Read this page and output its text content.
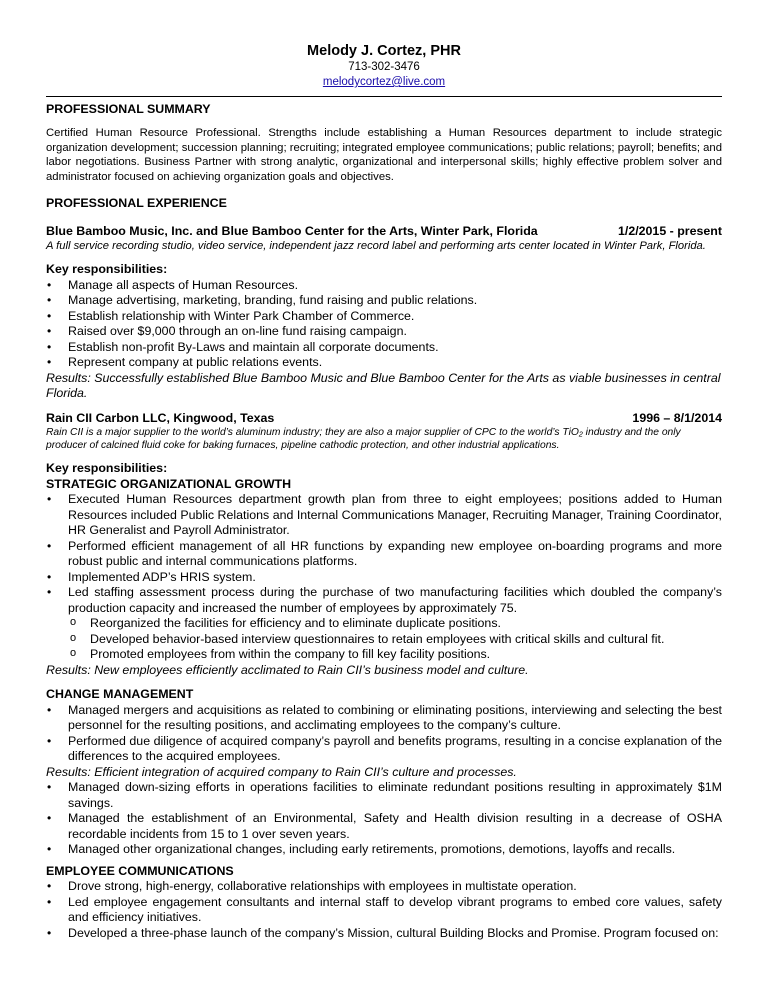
Melody J. Cortez, PHR
713-302-3476
melodycortez@live.com
PROFESSIONAL SUMMARY
Certified Human Resource Professional. Strengths include establishing a Human Resources department to include strategic organization development; succession planning; recruiting; integrated employee communications; public relations; payroll; benefits; and labor negotiations. Business Partner with strong analytic, organizational and interpersonal skills; highly effective problem solver and administrator focused on achieving organization goals and objectives.
PROFESSIONAL EXPERIENCE
Blue Bamboo Music, Inc. and Blue Bamboo Center for the Arts, Winter Park, Florida	1/2/2015 - present
A full service recording studio, video service, independent jazz record label and performing arts center located in Winter Park, Florida.
Key responsibilities:
• Manage all aspects of Human Resources.
• Manage advertising, marketing, branding, fund raising and public relations.
• Establish relationship with Winter Park Chamber of Commerce.
• Raised over $9,000 through an on-line fund raising campaign.
• Establish non-profit By-Laws and maintain all corporate documents.
• Represent company at public relations events.
Results: Successfully established Blue Bamboo Music and Blue Bamboo Center for the Arts as viable businesses in central Florida.
Rain CII Carbon LLC, Kingwood, Texas	1996 – 8/1/2014
Rain CII is a major supplier to the world’s aluminum industry; they are also a major supplier of CPC to the world’s TiO₂ industry and the only producer of calcined fluid coke for baking furnaces, pipeline cathodic protection, and other industrial applications.
Key responsibilities:
STRATEGIC ORGANIZATIONAL GROWTH
• Executed Human Resources department growth plan from three to eight employees; positions added to Human Resources included Public Relations and Internal Communications Manager, Recruiting Manager, Training Coordinator, HR Generalist and Payroll Administrator.
• Performed efficient management of all HR functions by expanding new employee on-boarding programs and more robust public and internal communications platforms.
• Implemented ADP’s HRIS system.
• Led staffing assessment process during the purchase of two manufacturing facilities which doubled the company’s production capacity and increased the number of employees by approximately 75.
o Reorganized the facilities for efficiency and to eliminate duplicate positions.
o Developed behavior-based interview questionnaires to retain employees with critical skills and cultural fit.
o Promoted employees from within the company to fill key facility positions.
Results: New employees efficiently acclimated to Rain CII’s business model and culture.
CHANGE MANAGEMENT
• Managed mergers and acquisitions as related to combining or eliminating positions, interviewing and selecting the best personnel for the resulting positions, and acclimating employees to the company’s culture.
• Performed due diligence of acquired company’s payroll and benefits programs, resulting in a concise explanation of the differences to the acquired employees.
Results: Efficient integration of acquired company to Rain CII’s culture and processes.
• Managed down-sizing efforts in operations facilities to eliminate redundant positions resulting in approximately $1M savings.
• Managed the establishment of an Environmental, Safety and Health division resulting in a decrease of OSHA recordable incidents from 15 to 1 over seven years.
• Managed other organizational changes, including early retirements, promotions, demotions, layoffs and recalls.
EMPLOYEE COMMUNICATIONS
• Drove strong, high-energy, collaborative relationships with employees in multistate operation.
• Led employee engagement consultants and internal staff to develop vibrant programs to embed core values, safety and efficiency initiatives.
• Developed a three-phase launch of the company’s Mission, cultural Building Blocks and Promise. Program focused on:
